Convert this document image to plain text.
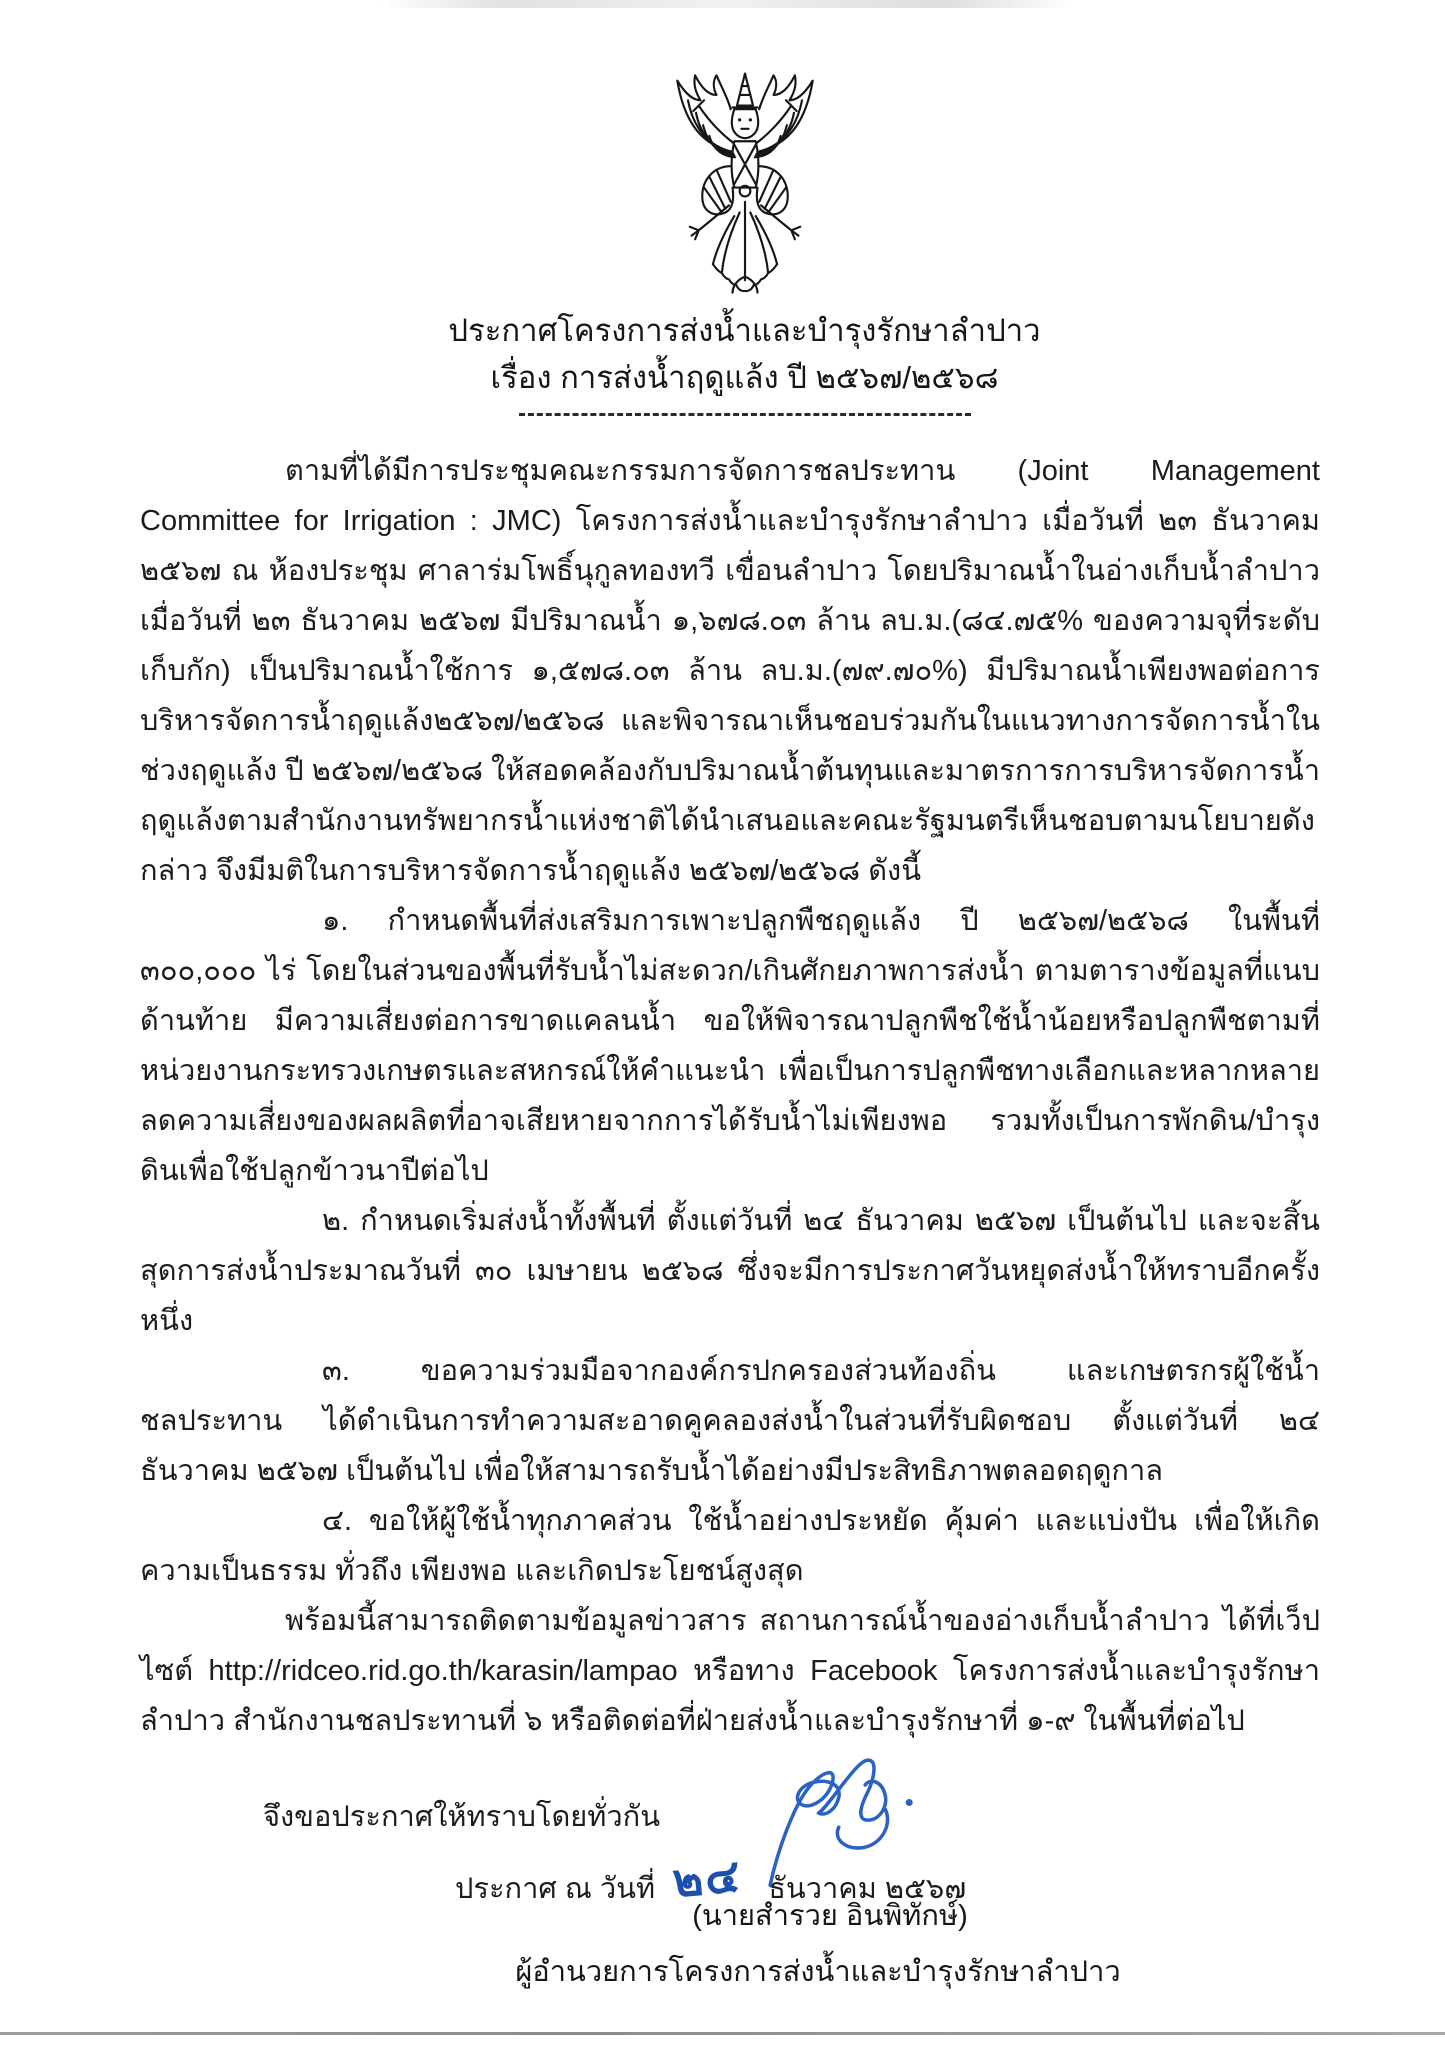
ประกาศโครงการส่งน้ำและบำรุงรักษาลำปาว
เรื่อง การส่งน้ำฤดูแล้ง ปี ๒๕๖๗/๒๕๖๘

ตามที่ได้มีการประชุมคณะกรรมการจัดการชลประทาน (Joint Management Committee for Irrigation : JMC) โครงการส่งน้ำและบำรุงรักษาลำปาว เมื่อวันที่ ๒๓ ธันวาคม ๒๕๖๗ ณ ห้องประชุม ศาลาร่มโพธิ์นุกูลทองทวี เขื่อนลำปาว โดยปริมาณน้ำในอ่างเก็บน้ำลำปาว เมื่อวันที่ ๒๓ ธันวาคม ๒๕๖๗ มีปริมาณน้ำ ๑,๖๗๘.๐๓ ล้าน ลบ.ม.(๘๔.๗๕% ของความจุที่ระดับเก็บกัก) เป็นปริมาณน้ำใช้การ ๑,๕๗๘.๐๓ ล้าน ลบ.ม.(๗๙.๗๐%) มีปริมาณน้ำเพียงพอต่อการบริหารจัดการน้ำฤดูแล้ง๒๕๖๗/๒๕๖๘ และพิจารณาเห็นชอบร่วมกันในแนวทางการจัดการน้ำในช่วงฤดูแล้ง ปี ๒๕๖๗/๒๕๖๘ ให้สอดคล้องกับปริมาณน้ำต้นทุนและมาตรการการบริหารจัดการน้ำฤดูแล้งตามสำนักงานทรัพยากรน้ำแห่งชาติได้นำเสนอและคณะรัฐมนตรีเห็นชอบตามนโยบายดังกล่าว จึงมีมติในการบริหารจัดการน้ำฤดูแล้ง ๒๕๖๗/๒๕๖๘ ดังนี้

๑. กำหนดพื้นที่ส่งเสริมการเพาะปลูกพืชฤดูแล้ง ปี ๒๕๖๗/๒๕๖๘ ในพื้นที่ ๓๐๐,๐๐๐ ไร่ โดยในส่วนของพื้นที่รับน้ำไม่สะดวก/เกินศักยภาพการส่งน้ำ ตามตารางข้อมูลที่แนบด้านท้าย มีความเสี่ยงต่อการขาดแคลนน้ำ ขอให้พิจารณาปลูกพืชใช้น้ำน้อยหรือปลูกพืชตามที่หน่วยงานกระทรวงเกษตรและสหกรณ์ให้คำแนะนำ เพื่อเป็นการปลูกพืชทางเลือกและหลากหลาย ลดความเสี่ยงของผลผลิตที่อาจเสียหายจากการได้รับน้ำไม่เพียงพอ รวมทั้งเป็นการพักดิน/บำรุงดินเพื่อใช้ปลูกข้าวนาปีต่อไป

๒. กำหนดเริ่มส่งน้ำทั้งพื้นที่ ตั้งแต่วันที่ ๒๔ ธันวาคม ๒๕๖๗ เป็นต้นไป และจะสิ้นสุดการส่งน้ำประมาณวันที่ ๓๐ เมษายน ๒๕๖๘ ซึ่งจะมีการประกาศวันหยุดส่งน้ำให้ทราบอีกครั้งหนึ่ง

๓. ขอความร่วมมือจากองค์กรปกครองส่วนท้องถิ่น และเกษตรกรผู้ใช้น้ำชลประทาน ได้ดำเนินการทำความสะอาดคูคลองส่งน้ำในส่วนที่รับผิดชอบ ตั้งแต่วันที่ ๒๔ ธันวาคม ๒๕๖๗ เป็นต้นไป เพื่อให้สามารถรับน้ำได้อย่างมีประสิทธิภาพตลอดฤดูกาล

๔. ขอให้ผู้ใช้น้ำทุกภาคส่วน ใช้น้ำอย่างประหยัด คุ้มค่า และแบ่งปัน เพื่อให้เกิดความเป็นธรรม ทั่วถึง เพียงพอ และเกิดประโยชน์สูงสุด

พร้อมนี้สามารถติดตามข้อมูลข่าวสาร สถานการณ์น้ำของอ่างเก็บน้ำลำปาว ได้ที่เว็ปไซต์ http://ridceo.rid.go.th/karasin/lampao หรือทาง Facebook โครงการส่งน้ำและบำรุงรักษาลำปาว สำนักงานชลประทานที่ ๖ หรือติดต่อที่ฝ่ายส่งน้ำและบำรุงรักษาที่ ๑-๙ ในพื้นที่ต่อไป

จึงขอประกาศให้ทราบโดยทั่วกัน
ประกาศ ณ วันที่ ๒๔ ธันวาคม ๒๕๖๗
(นายสำรวย อินพิทักษ์)
ผู้อำนวยการโครงการส่งน้ำและบำรุงรักษาลำปาว
